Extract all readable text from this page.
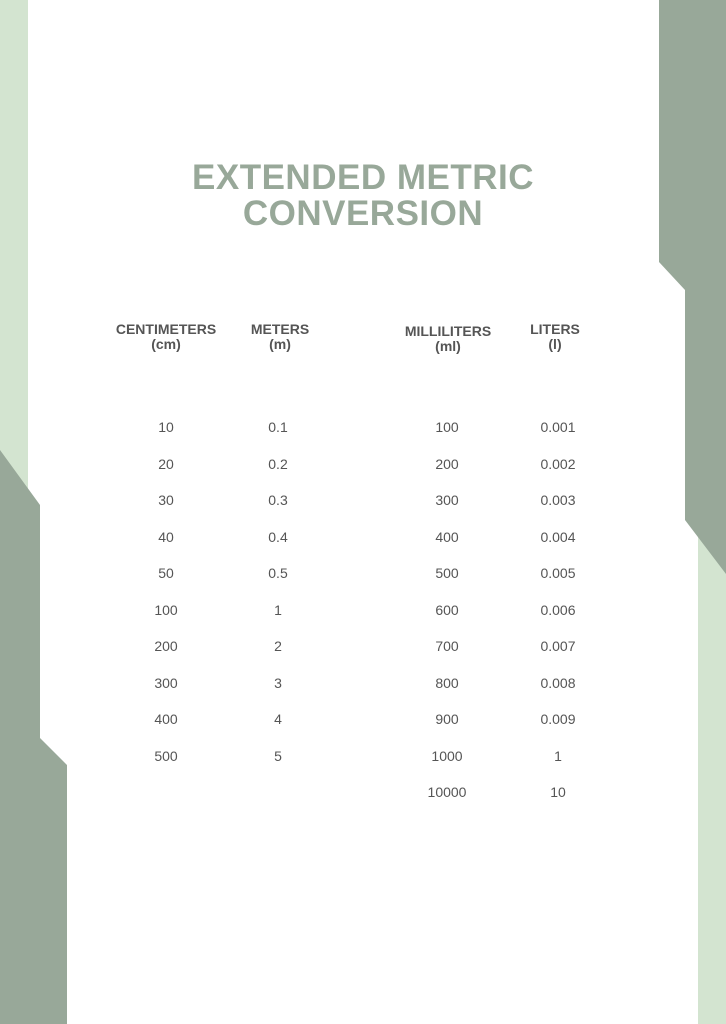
EXTENDED METRIC
CONVERSION
CENTIMETERS
(cm)
METERS
(m)
MILLILITERS
(ml)
LITERS
(l)
10
20
30
40
50
100
200
300
400
500
0.1
0.2
0.3
0.4
0.5
1
2
3
4
5
100
200
300
400
500
600
700
800
900
1000
10000
0.001
0.002
0.003
0.004
0.005
0.006
0.007
0.008
0.009
1
10
